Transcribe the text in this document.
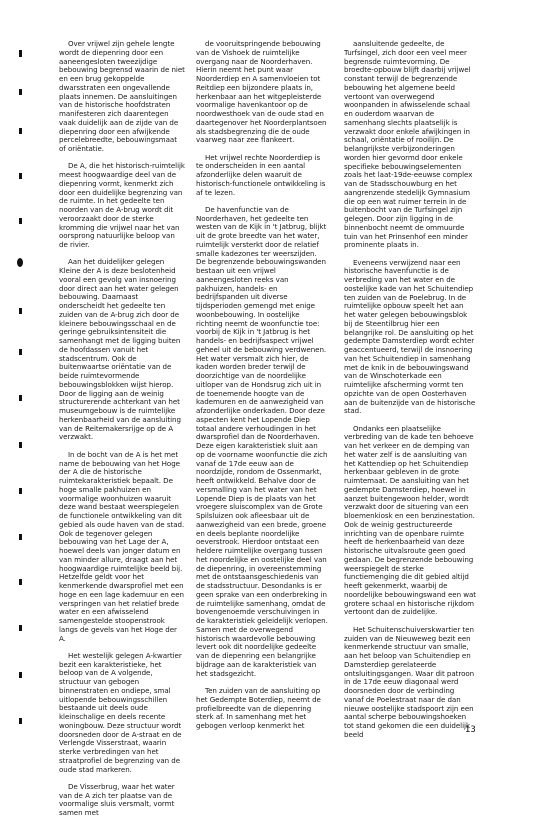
Over vrijwel zijn gehele lengte wordt de diepenring door een aaneengesloten tweezijdige bebouwing begrensd waarin de niet en een brug gekoppelde dwarsstraten een ongevallende plaats innemen. De aansluitingen van de historische hoofdstraten manifesteren zich daarentegen vaak duidelijk aan de zijde van de diepenring door een afwijkende percelebreedte, bebouwingsmaat of oriëntatie.

De A, die het historisch-ruimtelijk meest hoogwaardige deel van de diepenring vormt, kenmerkt zich door een duidelijke begrenzing van de ruimte. In het gedeelte ten noorden van de A-brug wordt dit veroorzaakt door de sterke kromming die vrijwel naar het van oorsprong natuurlijke beloop van de rivier.

Aan het duidelijker gelegen Kleine der A is deze beslotenheid vooral een gevolg van insnoering door direct aan het water gelegen bebouwing. Daarnaast onderscheidt het gedeelte ten zuiden van de A-brug zich door de kleinere bebouwingsschaal en de geringe gebruiksintensiteit die samenhangt met de ligging buiten de hoofdassen vanuit het stadscentrum. Ook de buitenwaartse oriëntatie van de beide ruimtevormende bebouwingsblokken wijst hierop. Door de ligging aan de weinig structurerende achterkant van het museumgebouw is de ruimtelijke herkenbaarheid van de aansluiting van de Reitemakersrijge op de A verzwakt.

In de bocht van de A is het met name de bebouwing van het Hoge der A die de historische ruimtekarakteristiek bepaalt. De hoge smalle pakhuizen en voormalige woonhuizen waaruit deze wand bestaat weerspiegelen de functionele ontwikkeling van dit gebied als oude haven van de stad. Ook de tegenover gelegen bebouwing van het Lage der A, hoewel deels van jonger datum en van minder allure, draagt aan het hoogwaardige ruimtelijke beeld bij. Hetzelfde geldt voor het kenmerkende dwarsprofiel met een hoge en een lage kademuur en een verspringen van het relatief brede water en een afwisselend samengestelde stoopenstrook langs de gevels van het Hoge der A.

Het westelijk gelegen A-kwartier bezit een karakteristieke, het beloop van de A volgende, structuur van gebogen binnenstraten en ondiepe, smal uitlopende bebouwingsschillen bestaande uit deels oude kleinschalige en deels recente woningbouw. Deze structuur wordt doorsneden door de A-straat en de Verlengde Visserstraat, waarin sterke verbredingen van het straatprofiel de begrenzing van de oude stad markeren.

De Visserbrug, waar het water van de A zich ter plaatse van de voormalige sluis versmalt, vormt samen met

de vooruitspringende bebouwing van de Vishoek de ruimtelijke overgang naar de Noorderhaven. Hierin neemt het punt waar Noorderdiep en A samenvloeien tot Reitdiep een bijzondere plaats in, herkenbaar aan het witgepleisterde voormalige havenkantoor op de noordwesthoek van de oude stad en daartegenover het Noorderplantsoen als stadsbegrenzing die de oude vaarweg naar zee flankeert.

Het vrijwel rechte Noorderdiep is te onderscheiden in een aantal afzonderlijke delen waaruit de historisch-functionele ontwikkeling is af te lezen.

De havenfunctie van de Noorderhaven, het gedeelte ten westen van de Kijk in 't Jatbrug, blijkt uit de grote breedte van het water, ruimtelijk versterkt door de relatief smalle kadezones ter weerszijden. De begrenzende bebouwingswanden bestaan uit een vrijwel aaneengesloten reeks van pakhuizen, handels- en bedrijfspanden uit diverse tijdsperioden gemengd met enige woonbebouwing. In oostelijke richting neemt de woonfunctie toe: voorbij de Kijk in 't Jatbrug is het handels- en bedrijfsaspect vrijwel geheel uit de bebouwing verdwenen. Het water versmalt zich hier, de kaden worden breder terwijl de doorzichtige van de noordelijke uitloper van de Hondsrug zich uit in de toenemende hoogte van de kademuren en de aanwezigheid van afzonderlijke onderkaden. Door deze aspecten kent het Lopende Diep totaal andere verhoudingen in het dwarsprofiel dan de Noorderhaven. Deze eigen karakteristiek sluit aan op de voorname woonfunctie die zich vanaf de 17de eeuw aan de noordzijde, rondom de Ossenmarkt, heeft ontwikkeld. Behalve door de versmalling van het water van het Lopende Diep is de plaats van het vroegere sluiscomplex van de Grote Spilsluizen ook afleesbaar uit de aanwezigheid van een brede, groene en deels beplante noordelijke oeverstrook. Hierdoor ontstaat een heldere ruimtelijke overgang tussen het noordelijke en oostelijke deel van de diepenring, in overeenstemming met de ontstaansgeschiedenis van de stadsstructuur. Desondanks is er geen sprake van een onderbreking in de ruimtelijke samenhang, omdat de bovengenoemde verschuivingen in de karakteristiek geleidelijk verlopen. Samen met de overwegend historisch waardevolle bebouwing levert ook dit noordelijke gedeelte van de diepenring een belangrijke bijdrage aan de karakteristiek van het stadsgezicht.

Ten zuiden van de aansluiting op het Gedempte Boterdiep, neemt de profielbreedte van de diepenring sterk af. In samenhang met het gebogen verloop kenmerkt het

aansluitende gedeelte, de Turfsingel, zich door een veel meer begrensde ruimtevorming. De broedte-opbouw blijft daarbij vrijwel constant terwijl de begrenzende bebouwing het algemene beeld vertoont van overwegend woonpanden in afwisselende schaal en ouderdom waarvan de samenhang slechts plaatselijk is verzwakt door enkele afwijkingen in schaal, oriëntatie of rooilijn. De belangrijkste verbijzonderingen worden hier gevormd door enkele specifieke bebouwingselementen zoals het laat-19de-eeuwse complex van de Stadsschouwburg en het aangrenzende stedelijk Gymnasium die op een wat ruimer terrein in de buitenbocht van de Turfsingel zijn gelegen. Door zijn ligging in de binnenbocht neemt de ommuurde tuin van het Prinsenhof een minder prominente plaats in.

Eveneens verwijzend naar een historische havenfunctie is de verbreding van het water en de oostelijke kade van het Schuitendiep ten zuiden van de Poelebrug. In de ruimtelijke opbouw speelt het aan het water gelegen bebouwingsblok bij de Steentilbrug hier een belangrijke rol. De aansluiting op het gedempte Damsterdiep wordt echter geaccentueerd, terwijl de insnoering van het Schuitendiep in samenhang met de knik in de bebouwingswand van de Winschoterkade een ruimtelijke afscherming vormt ten opzichte van de open Oosterhaven aan de buitenzijde van de historische stad.

Ondanks een plaatselijke verbreding van de kade ten behoeve van het verkeer en de demping van het water zelf is de aansluiting van het Kattendiep op het Schuitendiep herkenbaar gebleven in de grote ruimtemaat. De aansluiting van het gedempte Damsterdiep, hoewel in aanzet buitengewoon helder, wordt verzwakt door de situering van een bloemenkiosk en een benzinestation. Ook de weinig gestructureerde inrichting van de openbare ruimte heeft de herkenbaarheid van deze historische uitvalsroute geen goed gedaan. De begrenzende bebouwing weerspiegelt de sterke functiemenging die dit gebied altijd heeft gekenmerkt, waarbij de noordelijke bebouwingswand een wat grotere schaal en historische rijkdom vertoont dan de zuidelijke.

Het Schuitenschuiverskwartier ten zuiden van de Nieuweweg bezit een kenmerkende structuur van smalle, aan het beloop van Schuitendiep en Damsterdiep gerelateerde ontsluitingsgangen. Waar dit patroon in de 17de eeuw diagonaal werd doorsneden door de verbinding vanaf de Poelestraat naar de dan nieuwe oostelijke stadspoort zijn een aantal scherpe bebouwingshoeken tot stand gekomen die een duidelijk beeld	13
